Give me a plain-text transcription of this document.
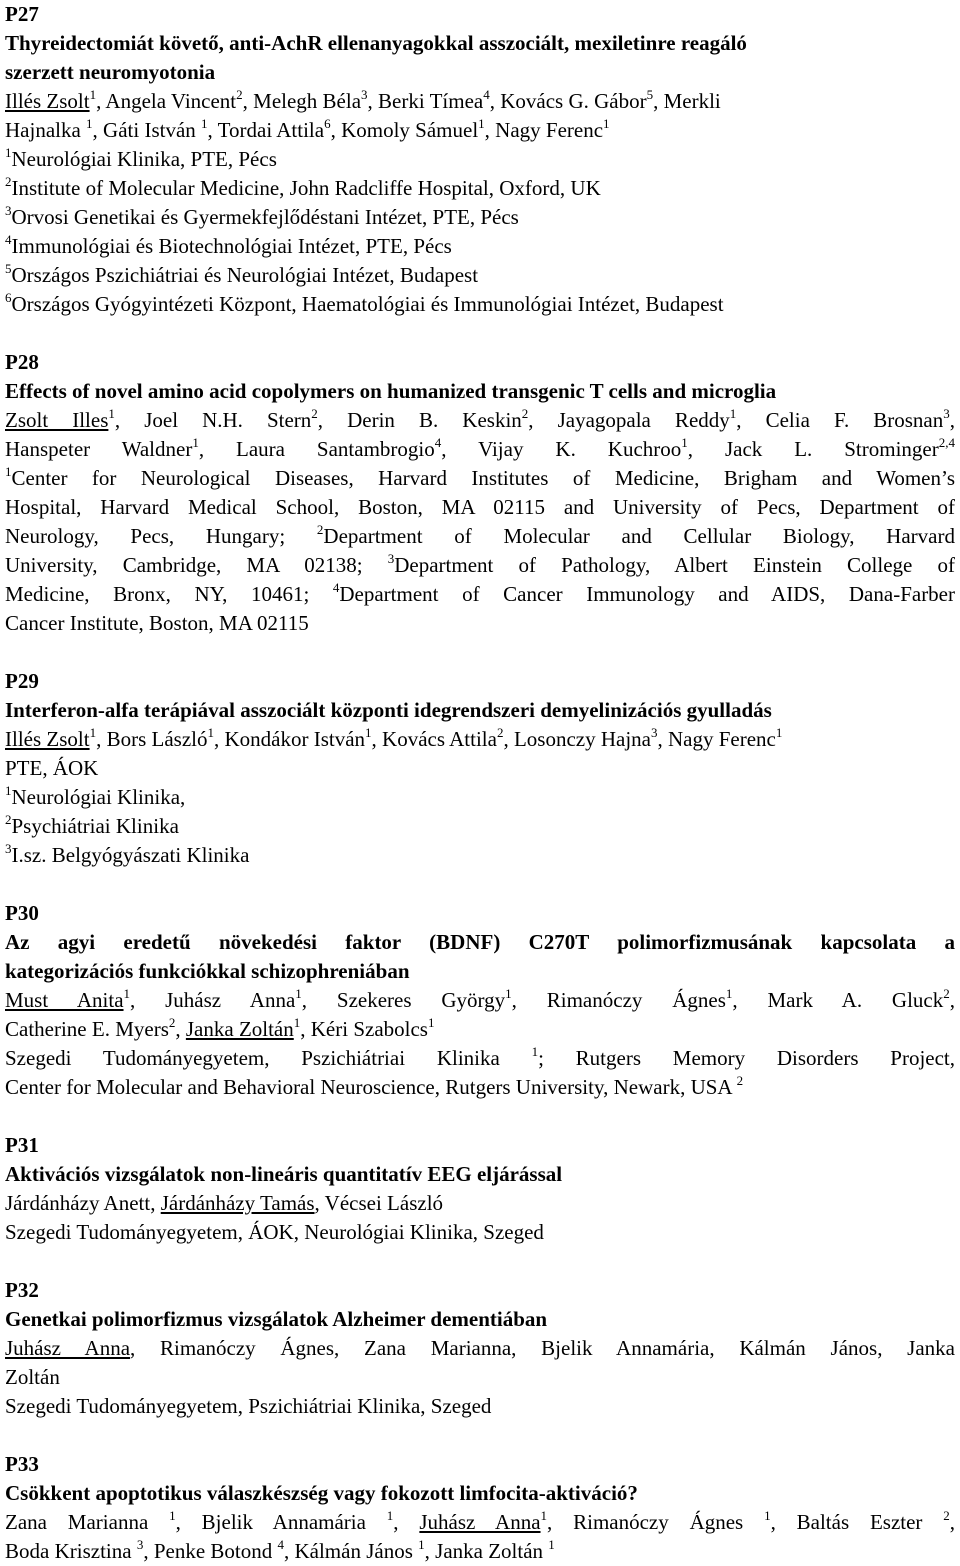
P27
Thyreidectomiát követő, anti-AchR ellenanyagokkal asszociált, mexiletinre reagáló
szerzett neuromyotonia
Illés Zsolt$^1$, Angela Vincent$^2$, Melegh Béla$^3$, Berki Tímea$^4$, Kovács G. Gábor$^5$, Merkli
Hajnalka $^1$, Gáti István $^1$, Tordai Attila$^6$, Komoly Sámuel$^1$, Nagy Ferenc$^1$
$^1$Neurológiai Klinika, PTE, Pécs
$^2$Institute of Molecular Medicine, John Radcliffe Hospital, Oxford, UK
$^3$Orvosi Genetikai és Gyermekfejlődéstani Intézet, PTE, Pécs
$^4$Immunológiai és Biotechnológiai Intézet, PTE, Pécs
$^5$Országos Pszichiátriai és Neurológiai Intézet, Budapest
$^6$Országos Gyógyintézeti Központ, Haematológiai és Immunológiai Intézet, Budapest
P28
Effects of novel amino acid copolymers on humanized transgenic T cells and microglia
Zsolt Illes$^1$, Joel N.H. Stern$^2$, Derin B. Keskin$^2$, Jayagopala Reddy$^1$, Celia F. Brosnan$^3$,
Hanspeter Waldner$^1$, Laura Santambrogio$^4$, Vijay K. Kuchroo$^1$, Jack L. Strominger$^{2,4}$
$^1$Center for Neurological Diseases, Harvard Institutes of Medicine, Brigham and Women’s
Hospital, Harvard Medical School, Boston, MA 02115 and University of Pecs, Department of
Neurology, Pecs, Hungary; $^2$Department of Molecular and Cellular Biology, Harvard
University, Cambridge, MA 02138; $^3$Department of Pathology, Albert Einstein College of
Medicine, Bronx, NY, 10461; $^4$Department of Cancer Immunology and AIDS, Dana-Farber
Cancer Institute, Boston, MA 02115
P29
Interferon-alfa terápiával asszociált központi idegrendszeri demyelinizációs gyulladás
Illés Zsolt$^1$, Bors László$^1$, Kondákor István$^1$, Kovács Attila$^2$, Losonczy Hajna$^3$, Nagy Ferenc$^1$
PTE, ÁOK
$^1$Neurológiai Klinika,
$^2$Psychiátriai Klinika
$^3$I.sz. Belgyógyászati Klinika
P30
Az agyi eredetű növekedési faktor (BDNF) C270T polimorfizmusának kapcsolata a
kategorizációs funkciókkal schizophreniában
Must Anita$^1$, Juhász Anna$^1$, Szekeres György$^1$, Rimanóczy Ágnes$^1$, Mark A. Gluck$^2$,
Catherine E. Myers$^2$, Janka Zoltán$^1$, Kéri Szabolcs$^1$
Szegedi Tudományegyetem, Pszichiátriai Klinika $^1$; Rutgers Memory Disorders Project,
Center for Molecular and Behavioral Neuroscience, Rutgers University, Newark, USA $^2$
P31
Aktivációs vizsgálatok non-lineáris quantitatív EEG eljárással
Járdánházy Anett, Járdánházy Tamás, Vécsei László
Szegedi Tudományegyetem, ÁOK, Neurológiai Klinika, Szeged
P32
Genetkai polimorfizmus vizsgálatok Alzheimer dementiában
Juhász Anna, Rimanóczy Ágnes, Zana Marianna, Bjelik Annamária, Kálmán János, Janka
Zoltán
Szegedi Tudományegyetem, Pszichiátriai Klinika, Szeged
P33
Csökkent apoptotikus válaszkészség vagy fokozott limfocita-aktiváció?
Zana Marianna $^1$, Bjelik Annamária $^1$, Juhász Anna$^1$, Rimanóczy Ágnes $^1$, Baltás Eszter $^2$,
Boda Krisztina $^3$, Penke Botond $^4$, Kálmán János $^1$, Janka Zoltán $^1$
